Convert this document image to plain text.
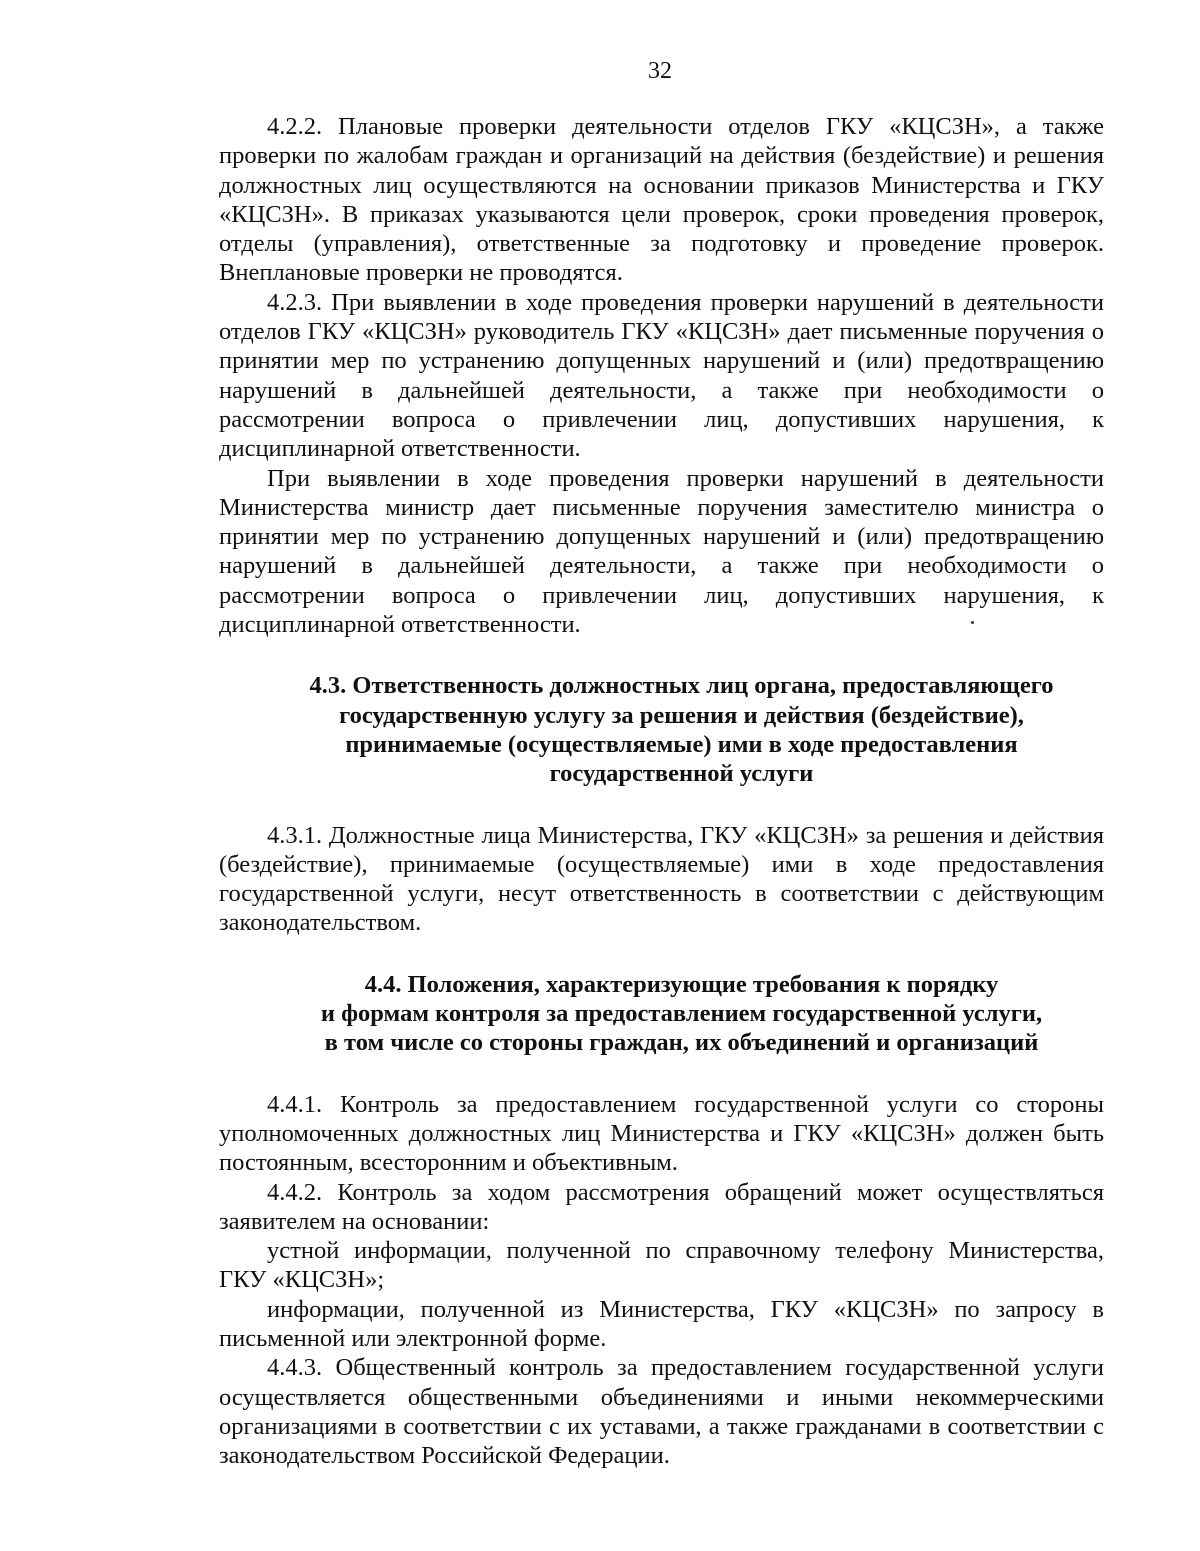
32

4.2.2. Плановые проверки деятельности отделов ГКУ «КЦСЗН», а также проверки по жалобам граждан и организаций на действия (бездействие) и решения должностных лиц осуществляются на основании приказов Министерства и ГКУ «КЦСЗН». В приказах указываются цели проверок, сроки проведения проверок, отделы (управления), ответственные за подготовку и проведение проверок. Внеплановые проверки не проводятся.

4.2.3. При выявлении в ходе проведения проверки нарушений в деятельности отделов ГКУ «КЦСЗН» руководитель ГКУ «КЦСЗН» дает письменные поручения о принятии мер по устранению допущенных нарушений и (или) предотвращению нарушений в дальнейшей деятельности, а также при необходимости о рассмотрении вопроса о привлечении лиц, допустивших нарушения, к дисциплинарной ответственности.

При выявлении в ходе проведения проверки нарушений в деятельности Министерства министр дает письменные поручения заместителю министра о принятии мер по устранению допущенных нарушений и (или) предотвращению нарушений в дальнейшей деятельности, а также при необходимости о рассмотрении вопроса о привлечении лиц, допустивших нарушения, к дисциплинарной ответственности.

4.3. Ответственность должностных лиц органа, предоставляющего
государственную услугу за решения и действия (бездействие),
принимаемые (осуществляемые) ими в ходе предоставления
государственной услуги

4.3.1. Должностные лица Министерства, ГКУ «КЦСЗН» за решения и действия (бездействие), принимаемые (осуществляемые) ими в ходе предоставления государственной услуги, несут ответственность в соответствии с действующим законодательством.

4.4. Положения, характеризующие требования к порядку
и формам контроля за предоставлением государственной услуги,
в том числе со стороны граждан, их объединений и организаций

4.4.1. Контроль за предоставлением государственной услуги со стороны уполномоченных должностных лиц Министерства и ГКУ «КЦСЗН» должен быть постоянным, всесторонним и объективным.

4.4.2. Контроль за ходом рассмотрения обращений может осуществляться заявителем на основании:

устной информации, полученной по справочному телефону Министерства, ГКУ «КЦСЗН»;

информации, полученной из Министерства, ГКУ «КЦСЗН» по запросу в письменной или электронной форме.

4.4.3. Общественный контроль за предоставлением государственной услуги осуществляется общественными объединениями и иными некоммерческими организациями в соответствии с их уставами, а также гражданами в соответствии с законодательством Российской Федерации.
